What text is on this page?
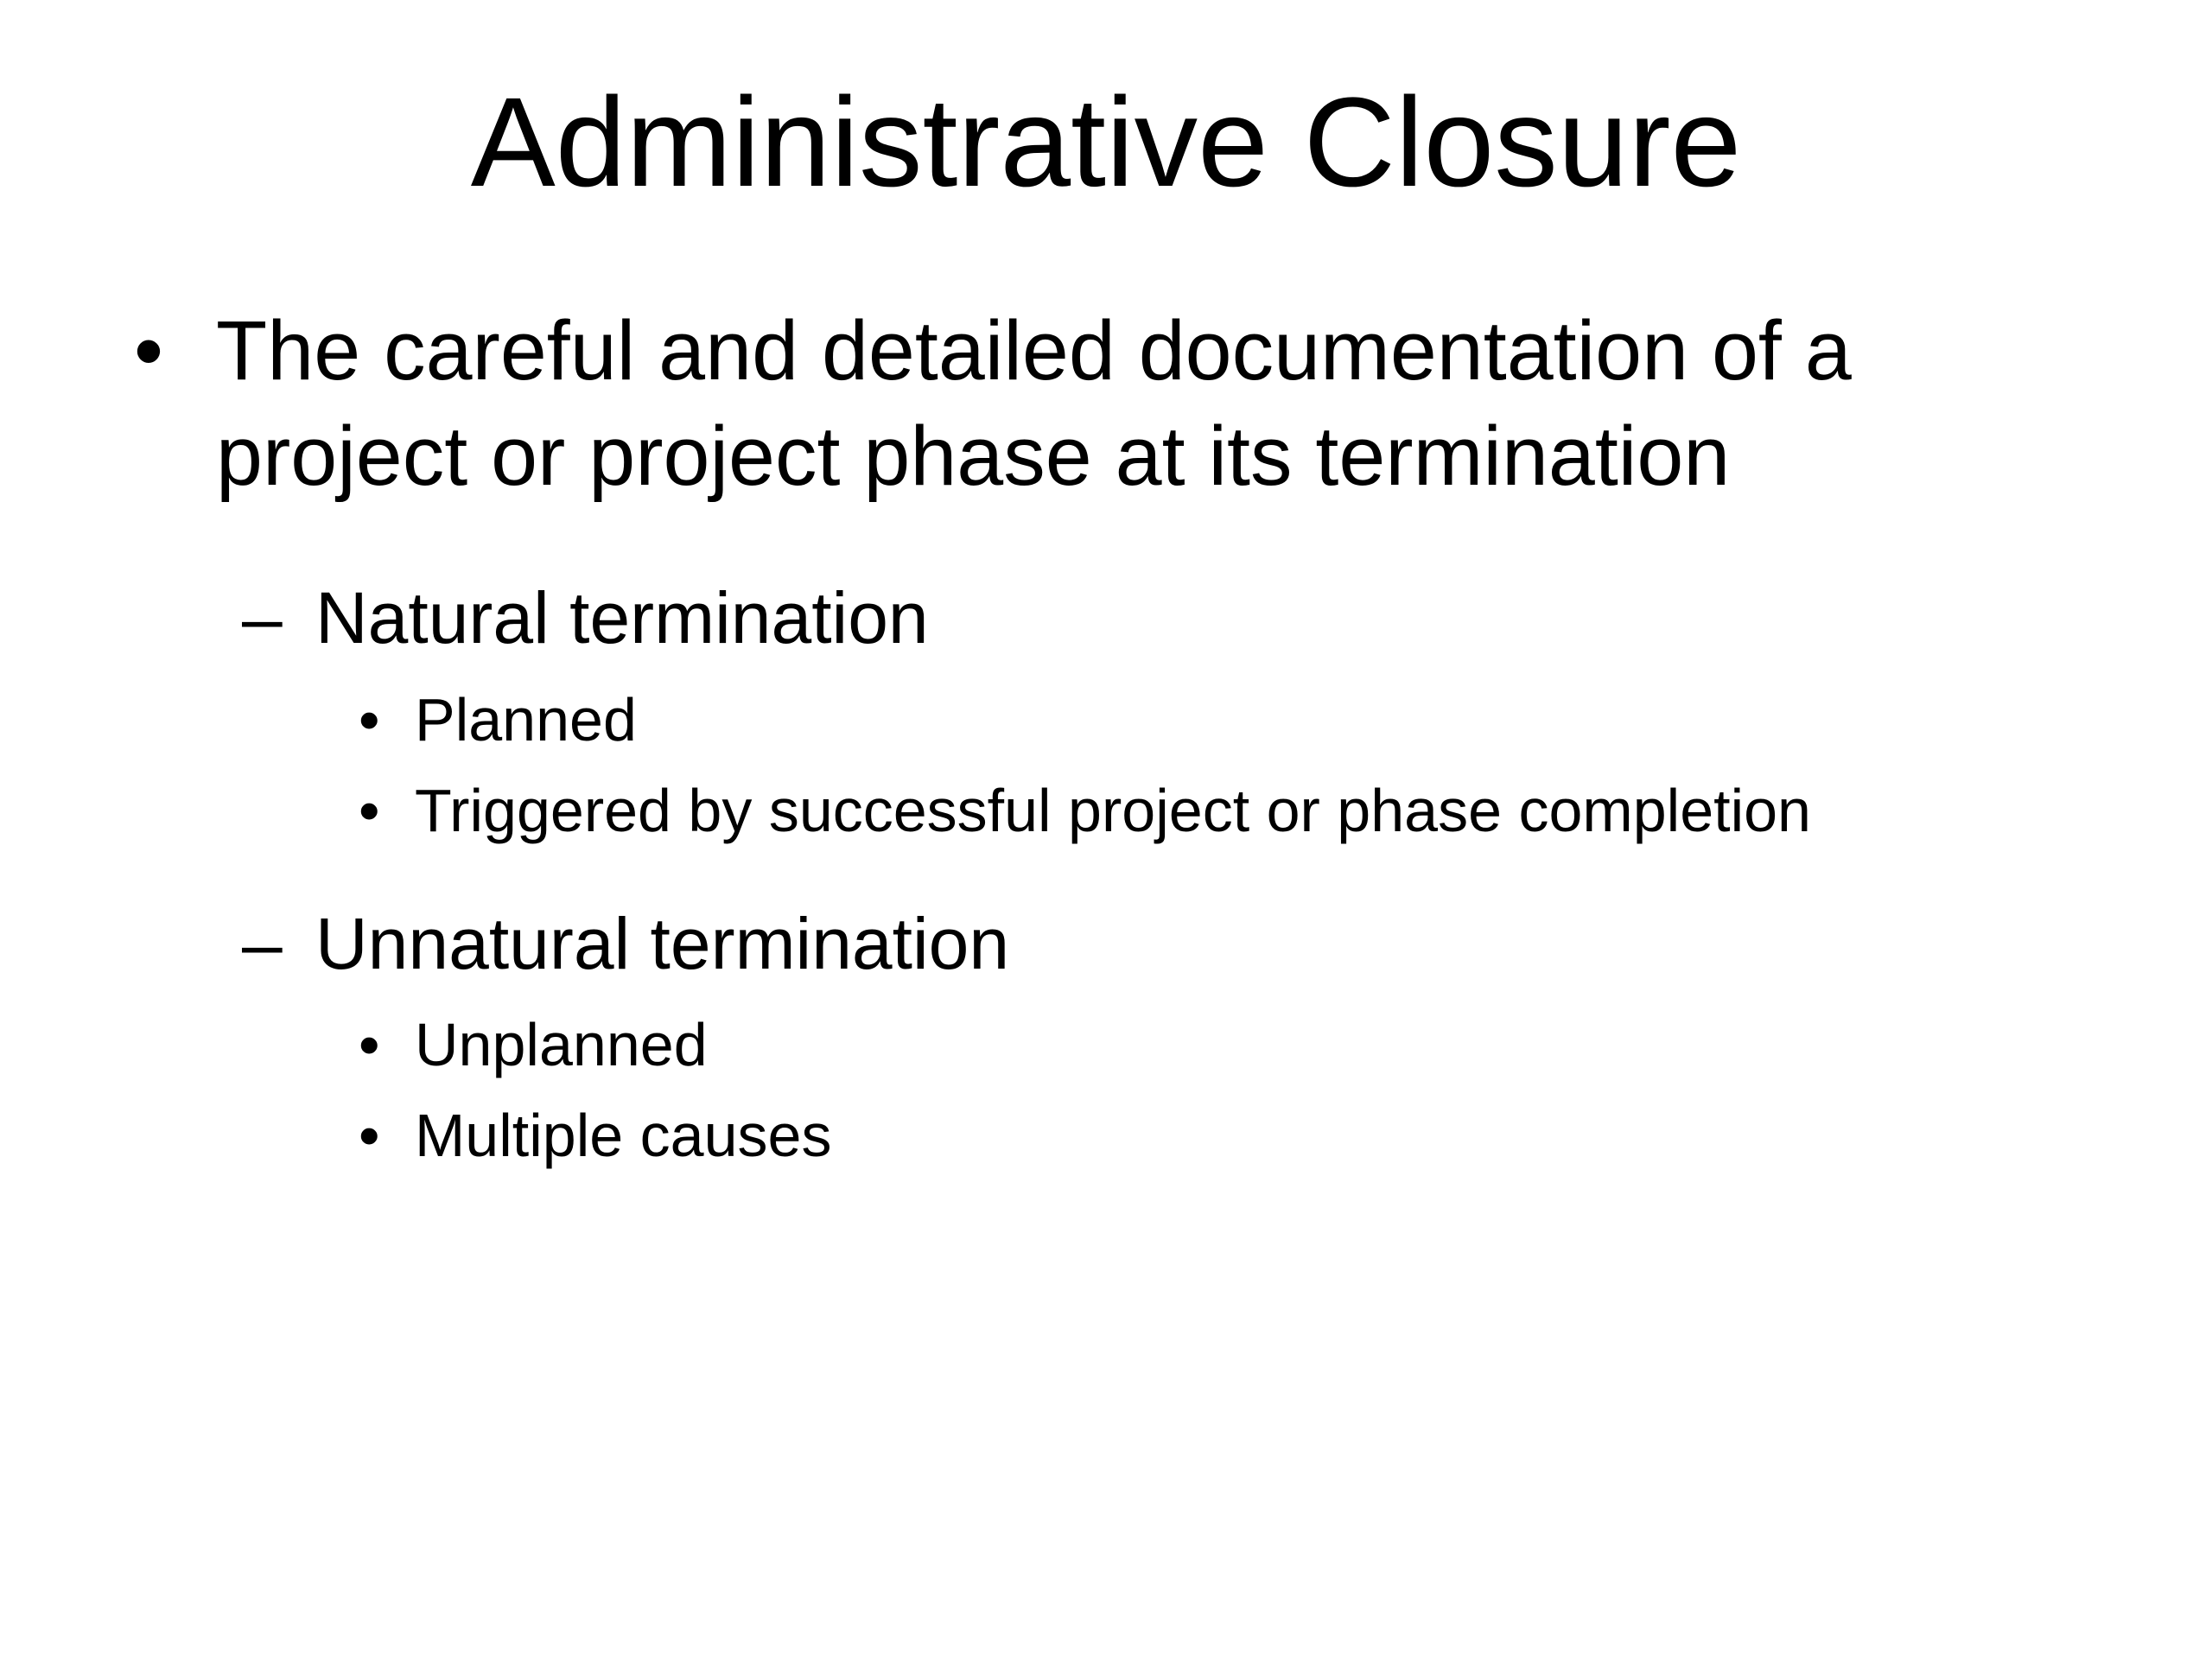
Administrative Closure
• The careful and detailed documentation of a project or project phase at its termination
– Natural termination
• Planned
• Triggered by successful project or phase completion
– Unnatural termination
• Unplanned
• Multiple causes
